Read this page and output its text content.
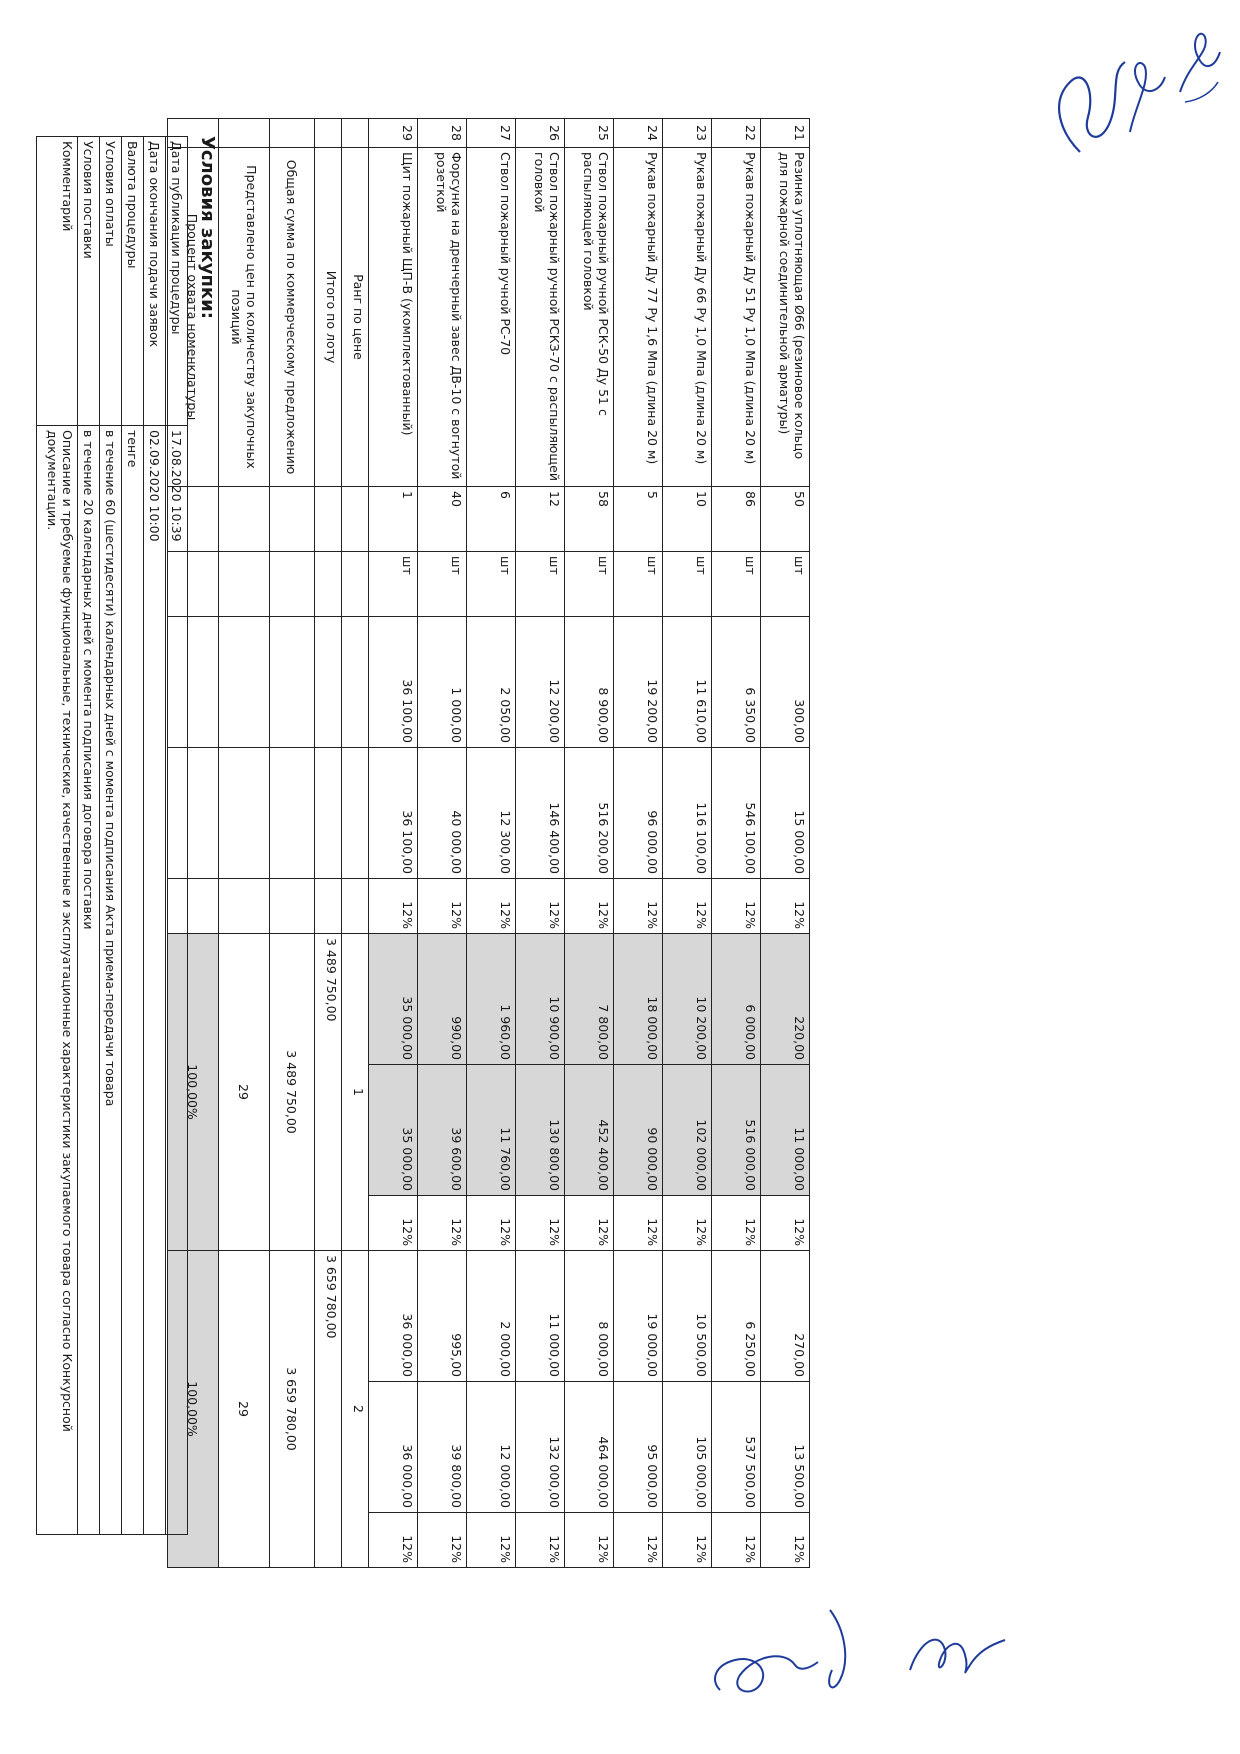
21	Резинка уплотняющая Ø66 (резиновое кольцо для пожарной соединительной арматуры)	50	шт	300,00	15 000,00	12%	220,00	11 000,00	12%	270,00	13 500,00	12%
22	Рукав пожарный Ду 51 Ру 1,0 Мпа (длина 20 м)	86	шт	6 350,00	546 100,00	12%	6 000,00	516 000,00	12%	6 250,00	537 500,00	12%
23	Рукав пожарный Ду 66 Ру 1,0 Мпа (длина 20 м)	10	шт	11 610,00	116 100,00	12%	10 200,00	102 000,00	12%	10 500,00	105 000,00	12%
24	Рукав пожарный Ду 77 Ру 1,6 Мпа (длина 20 м)	5	шт	19 200,00	96 000,00	12%	18 000,00	90 000,00	12%	19 000,00	95 000,00	12%
25	Ствол пожарный ручной РСК-50 Ду 51 с распыляющей головкой	58	шт	8 900,00	516 200,00	12%	7 800,00	452 400,00	12%	8 000,00	464 000,00	12%
26	Ствол пожарный ручной РСКЗ-70 с распыляющей головкой	12	шт	12 200,00	146 400,00	12%	10 900,00	130 800,00	12%	11 000,00	132 000,00	12%
27	Ствол пожарный ручной РС-70	6	шт	2 050,00	12 300,00	12%	1 960,00	11 760,00	12%	2 000,00	12 000,00	12%
28	Форсунка на дренчерный завес ДВ-10 с вогнутой розеткой	40	шт	1 000,00	40 000,00	12%	990,00	39 600,00	12%	995,00	39 800,00	12%
29	Щит пожарный ЩП-В (укомплектованный)	1	шт	36 100,00	36 100,00	12%	35 000,00	35 000,00	12%	36 000,00	36 000,00	12%
	Ранг по цене						1			2		
	Итого по лоту						3 489 750,00			3 659 780,00		
	Общая сумма по коммерческому предложению						3 489 750,00			3 659 780,00		
	Представлено цен по количеству закупочных позиций						29			29		
	Процент охвата номенклатуры						100,00%			100,00%		
Условия закупки:
Дата публикации процедуры	17.08.2020 10:39
Дата окончания подачи заявок	02.09.2020 10:00
Валюта процедуры	тенге
Условия оплаты	в течение 60 (шестидесяти) календарных дней с момента подписания Акта приема-передачи товара
Условия поставки	в течение 20 календарных дней с момента подписания договора поставки
Комментарий	Описание и требуемые функциональные, технические, качественные и эксплуатационные характеристики закупаемого товара согласно Конкурсной документации.
